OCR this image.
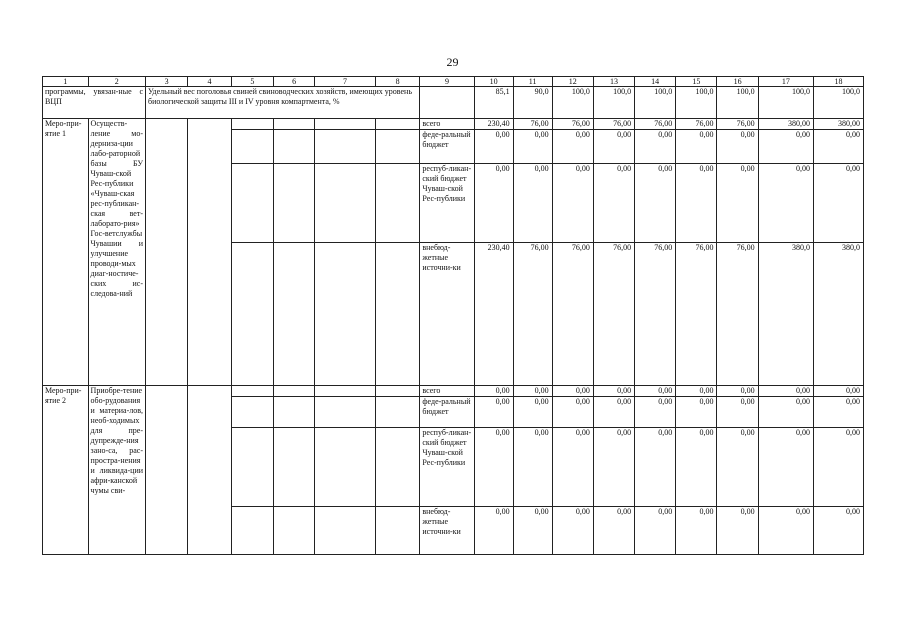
29
1	2	3	4	5	6	7	8	9	10	11	12	13	14	15	16	17	18
программы, увязан-ные с ВЦП		Удельный вес поголовья свиней свиноводческих хозяйств, имеющих уровень биологической защиты III и IV уровня компартмента, %							85,1	90,0	100,0	100,0	100,0	100,0	100,0	100,0	100,0
Меро-при-ятие 1	Осуществ-ление мо-дерниза-ции лабо-раторной базы БУ Чуваш-ской Рес-публики «Чуваш-ская рес-публикан-ская вет-лаборато-рия» Гос-ветслужбы Чувашии и улучшение проводи-мых диаг-ностиче-ских ис-следова-ний							всего	230,40	76,00	76,00	76,00	76,00	76,00	76,00	380,00	380,00
								феде-ральный бюджет	0,00	0,00	0,00	0,00	0,00	0,00	0,00	0,00	0,00
								респуб-ликан-ский бюджет Чуваш-ской Рес-публики	0,00	0,00	0,00	0,00	0,00	0,00	0,00	0,00	0,00
								внебюд-жетные источни-ки	230,40	76,00	76,00	76,00	76,00	76,00	76,00	380,0	380,0
Меро-при-ятие 2	Приобре-тение обо-рудования и материа-лов, необ-ходимых для пре-дупрежде-ния зано-са, рас-простра-нения и ликвида-ции афри-канской чумы сви-							всего	0,00	0,00	0,00	0,00	0,00	0,00	0,00	0,00	0,00
								феде-ральный бюджет	0,00	0,00	0,00	0,00	0,00	0,00	0,00	0,00	0,00
								респуб-ликан-ский бюджет Чуваш-ской Рес-публики	0,00	0,00	0,00	0,00	0,00	0,00	0,00	0,00	0,00
								внебюд-жетные источни-ки	0,00	0,00	0,00	0,00	0,00	0,00	0,00	0,00	0,00
